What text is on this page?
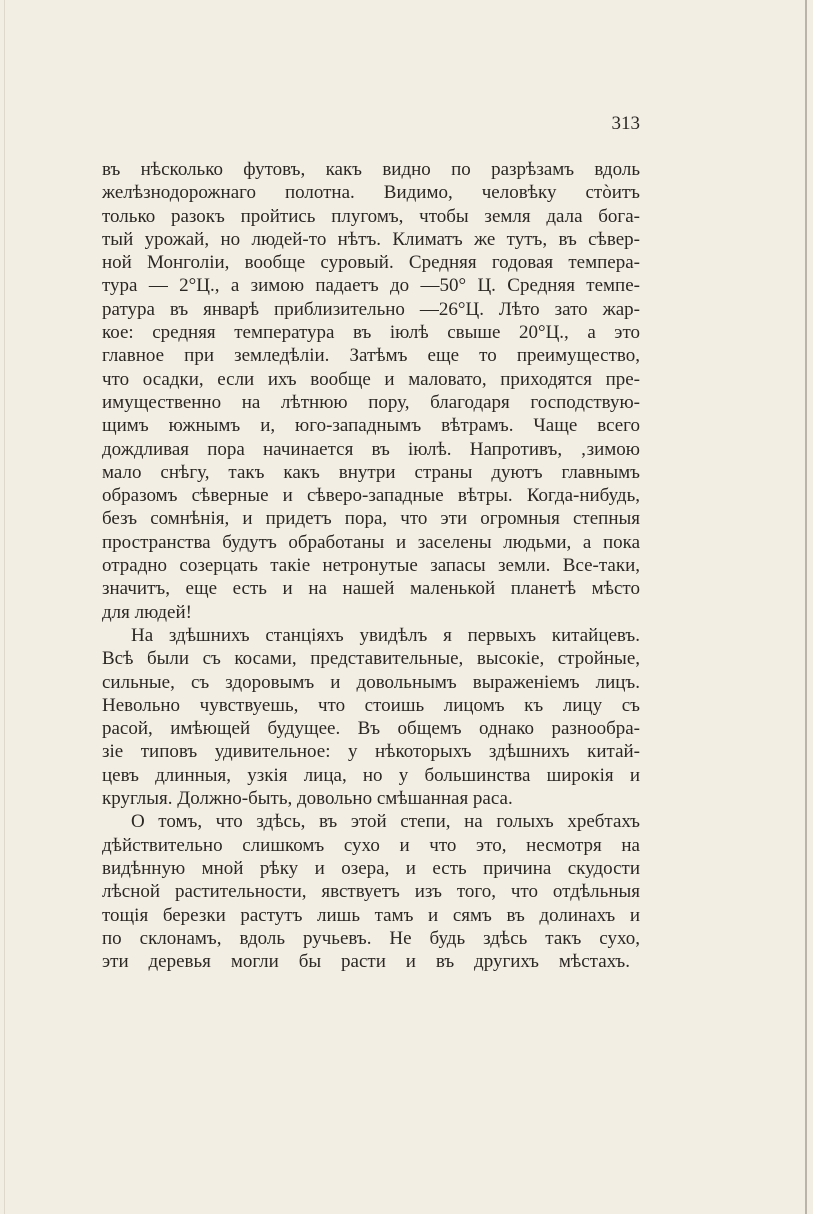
313
въ нѣсколько футовъ, какъ видно по разрѣзамъ вдоль
желѣзнодорожнаго полотна. Видимо, человѣку стòитъ
только разокъ пройтись плугомъ, чтобы земля дала бога-
тый урожай, но людей-то нѣтъ. Климатъ же тутъ, въ сѣвер-
ной Монголіи, вообще суровый. Средняя годовая темпера-
тура — 2°Ц., а зимою падаетъ до —50° Ц. Средняя темпе-
ратура въ январѣ приблизительно —26°Ц. Лѣто зато жар-
кое: средняя температура въ іюлѣ свыше 20°Ц., а это
главное при земледѣліи. Затѣмъ еще то преимущество,
что осадки, если ихъ вообще и маловато, приходятся пре-
имущественно на лѣтнюю пору, благодаря господствую-
щимъ южнымъ и, юго-западнымъ вѣтрамъ. Чаще всего
дождливая пора начинается въ іюлѣ. Напротивъ, ‚зимою
мало снѣгу, такъ какъ внутри страны дуютъ главнымъ
образомъ сѣверные и сѣверо-западные вѣтры. Когда-нибудь,
безъ сомнѣнія, и придетъ пора, что эти огромныя степныя
пространства будутъ обработаны и заселены людьми, а пока
отрадно созерцать такіе нетронутые запасы земли. Все-таки,
значитъ, еще есть и на нашей маленькой планетѣ мѣсто
для людей!
На здѣшнихъ станціяхъ увидѣлъ я первыхъ китайцевъ.
Всѣ были съ косами, представительные, высокіе, стройные,
сильные, съ здоровымъ и довольнымъ выраженіемъ лицъ.
Невольно чувствуешь, что стоишь лицомъ къ лицу съ
расой, имѣющей будущее. Въ общемъ однако разнообра-
зіе типовъ удивительное: у нѣкоторыхъ здѣшнихъ китай-
цевъ длинныя, узкія лица, но у большинства широкія и
круглыя. Должно-быть, довольно смѣшанная раса.
О томъ, что здѣсь, въ этой степи, на голыхъ хребтахъ
дѣйствительно слишкомъ сухо и что это, несмотря на
видѣнную мной рѣку и озера, и есть причина скудости
лѣсной растительности, явствуетъ изъ того, что отдѣльныя
тощія березки растутъ лишь тамъ и сямъ въ долинахъ и
по склонамъ, вдоль ручьевъ. Не будь здѣсь такъ сухо,
эти деревья могли бы расти и въ другихъ мѣстахъ.
